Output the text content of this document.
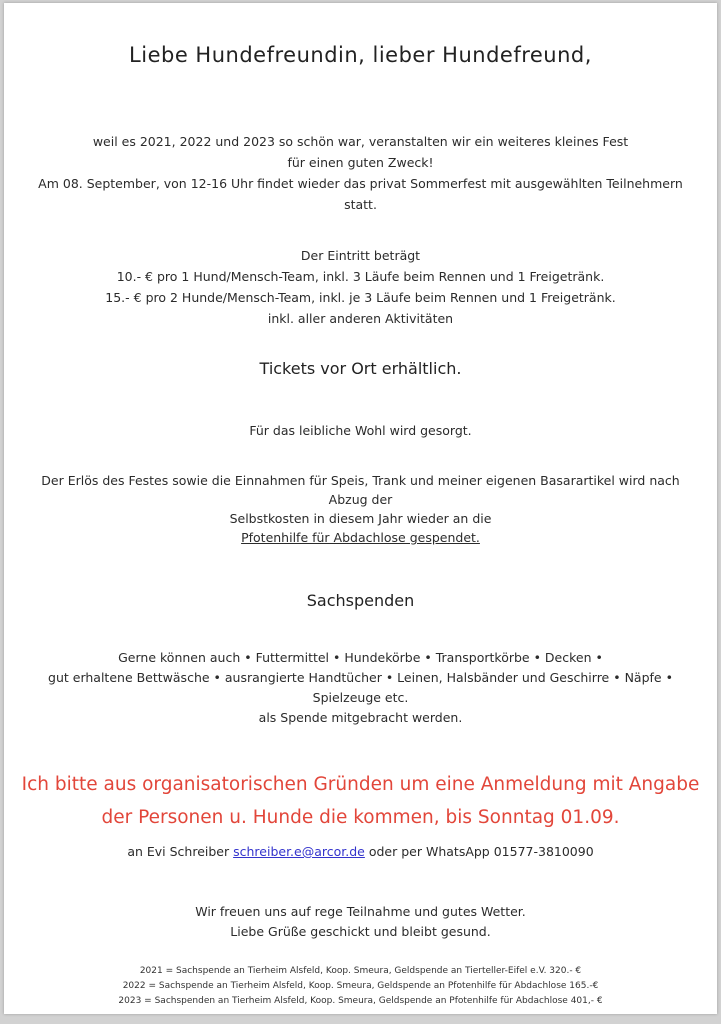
Liebe Hundefreundin, lieber Hundefreund,
weil es 2021, 2022 und 2023 so schön war, veranstalten wir ein weiteres kleines Fest
für einen guten Zweck!
Am 08. September, von 12-16 Uhr findet wieder das privat Sommerfest mit ausgewählten Teilnehmern statt.
Der Eintritt beträgt
10.- € pro 1 Hund/Mensch-Team, inkl. 3 Läufe beim Rennen und 1 Freigetränk.
15.- € pro 2 Hunde/Mensch-Team, inkl. je 3 Läufe beim Rennen und 1 Freigetränk.
inkl. aller anderen Aktivitäten
Tickets vor Ort erhältlich.
Für das leibliche Wohl wird gesorgt.
Der Erlös des Festes sowie die Einnahmen für Speis, Trank und meiner eigenen Basarartikel wird nach Abzug der
Selbstkosten in diesem Jahr wieder an die
Pfotenhilfe für Abdachlose gespendet.
Sachspenden
Gerne können auch • Futtermittel • Hundekörbe • Transportkörbe • Decken •
gut erhaltene Bettwäsche • ausrangierte Handtücher • Leinen, Halsbänder und Geschirre • Näpfe • Spielzeuge etc.
als Spende mitgebracht werden.
Ich bitte aus organisatorischen Gründen um eine Anmeldung mit Angabe
der Personen u. Hunde die kommen, bis Sonntag 01.09.
an Evi Schreiber schreiber.e@arcor.de oder per WhatsApp 01577-3810090
Wir freuen uns auf rege Teilnahme und gutes Wetter.
Liebe Grüße geschickt und bleibt gesund.
2021 = Sachspende an Tierheim Alsfeld, Koop. Smeura, Geldspende an Tierteller-Eifel e.V. 320.- €
2022 = Sachspende an Tierheim Alsfeld, Koop. Smeura, Geldspende an Pfotenhilfe für Abdachlose 165.-€
2023 = Sachspenden an Tierheim Alsfeld, Koop. Smeura, Geldspende an Pfotenhilfe für Abdachlose 401,- €
